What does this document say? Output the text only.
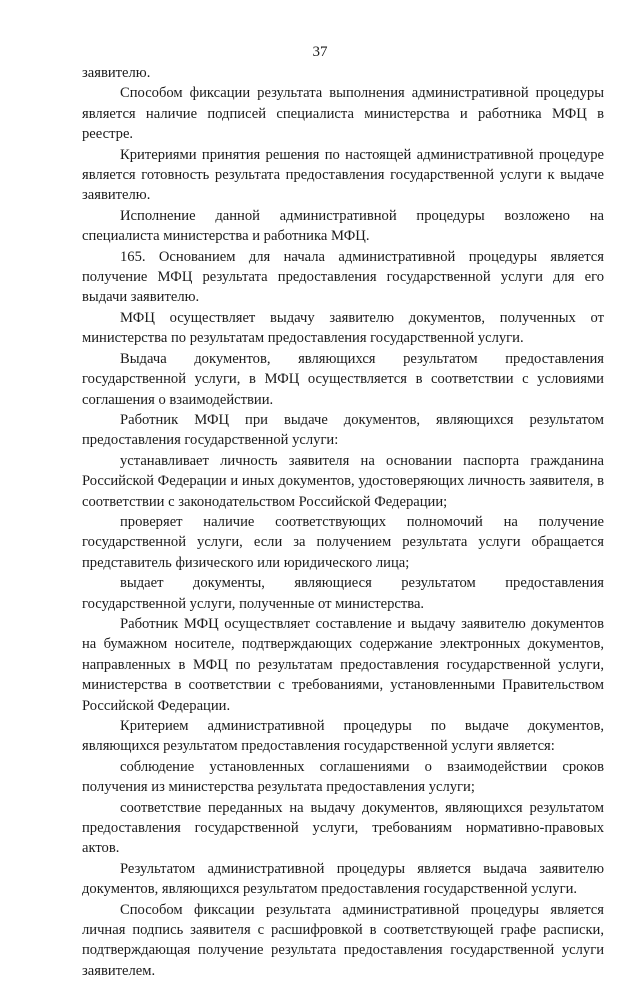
37

заявителю.

Способом фиксации результата выполнения административной процедуры является наличие подписей специалиста министерства и работника МФЦ в реестре.

Критериями принятия решения по настоящей административной процедуре является готовность результата предоставления государственной услуги к выдаче заявителю.

Исполнение данной административной процедуры возложено на специалиста министерства и работника МФЦ.

165. Основанием для начала административной процедуры является получение МФЦ результата предоставления государственной услуги для его выдачи заявителю.

МФЦ осуществляет выдачу заявителю документов, полученных от министерства по результатам предоставления государственной услуги.

Выдача документов, являющихся результатом предоставления государственной услуги, в МФЦ осуществляется в соответствии с условиями соглашения о взаимодействии.

Работник МФЦ при выдаче документов, являющихся результатом предоставления государственной услуги:

устанавливает личность заявителя на основании паспорта гражданина Российской Федерации и иных документов, удостоверяющих личность заявителя, в соответствии с законодательством Российской Федерации;

проверяет наличие соответствующих полномочий на получение государственной услуги, если за получением результата услуги обращается представитель физического или юридического лица;

выдает документы, являющиеся результатом предоставления государственной услуги, полученные от министерства.

Работник МФЦ осуществляет составление и выдачу заявителю документов на бумажном носителе, подтверждающих содержание электронных документов, направленных в МФЦ по результатам предоставления государственной услуги, министерства в соответствии с требованиями, установленными Правительством Российской Федерации.

Критерием административной процедуры по выдаче документов, являющихся результатом предоставления государственной услуги является:

соблюдение установленных соглашениями о взаимодействии сроков получения из министерства результата предоставления услуги;

соответствие переданных на выдачу документов, являющихся результатом предоставления государственной услуги, требованиям нормативно-правовых актов.

Результатом административной процедуры является выдача заявителю документов, являющихся результатом предоставления государственной услуги.

Способом фиксации результата административной процедуры является личная подпись заявителя с расшифровкой в соответствующей графе расписки, подтверждающая получение результата предоставления государственной услуги заявителем.
